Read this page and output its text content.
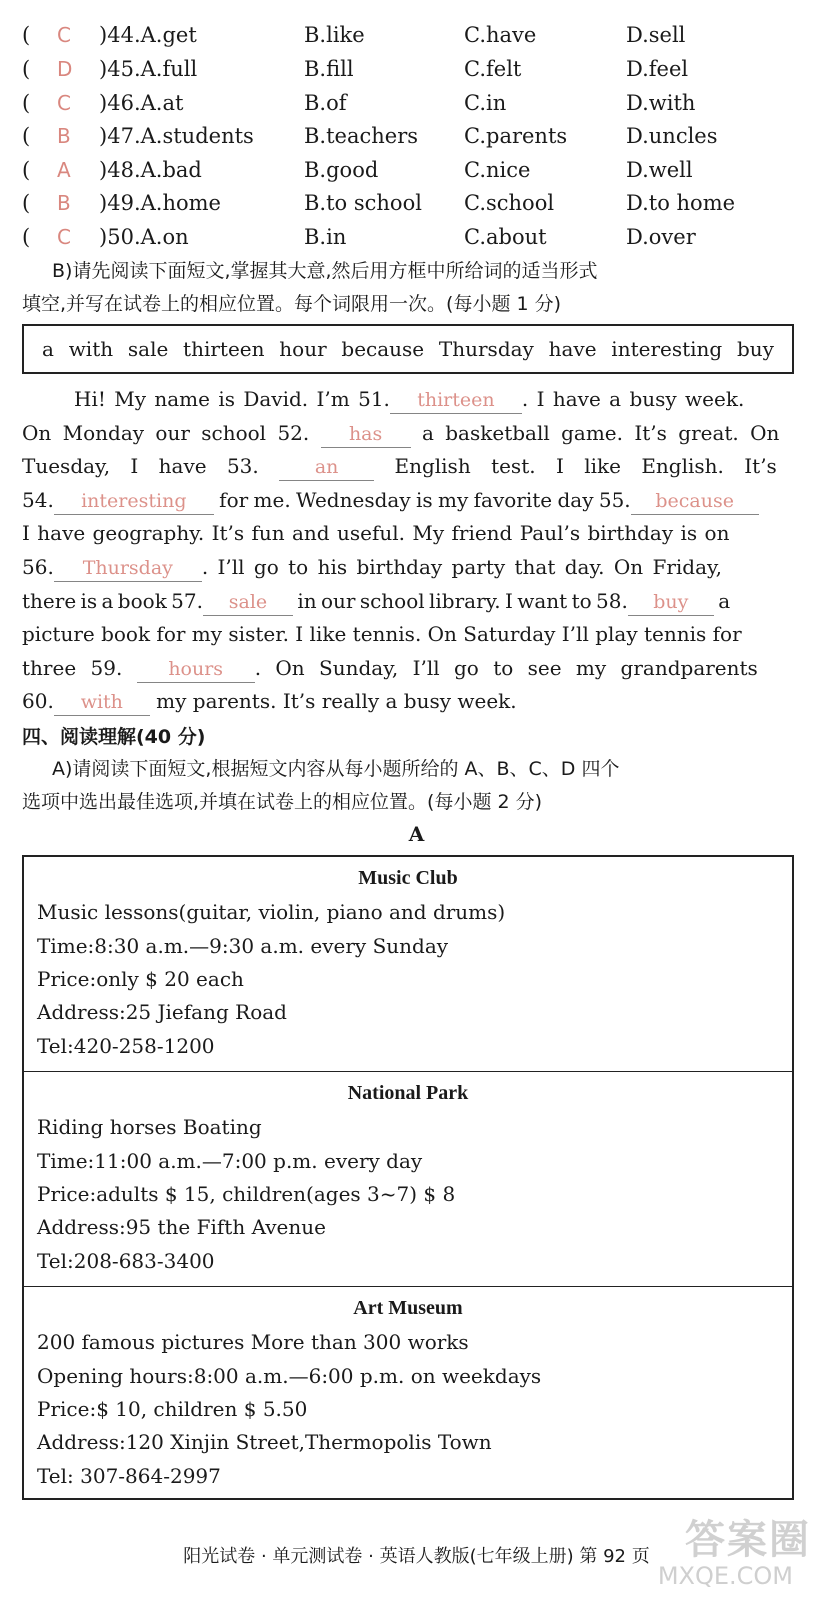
( C )44.A.get	B.like	C.have	D.sell
( D )45.A.full	B.fill	C.felt	D.feel
( C )46.A.at	B.of	C.in	D.with
( B )47.A.students B.teachers C.parents	D.uncles
( A )48.A.bad	B.good	C.nice	D.well
( B )49.A.home	B.to school C.school	D.to home
( C )50.A.on	B.in	C.about	D.over
B)请先阅读下面短文,掌握其大意,然后用方框中所给词的适当形式
填空,并写在试卷上的相应位置。每个词限用一次。(每小题 1 分)
a with sale thirteen hour because Thursday have interesting buy
Hi! My name is David. I’m 51. thirteen . I have a busy week.
On Monday our school 52. has a basketball game. It’s great. On
Tuesday, I have 53.	an	English test. I like English. It’s
54. interesting for me. Wednesday is my favorite day 55. because
I have geography. It’s fun and useful. My friend Paul’s birthday is on
56. Thursday . I’ll go to his birthday party that day. On Friday,
there is a book 57. sale in our school library. I want to 58. buy a
picture book for my sister. I like tennis. On Saturday I’ll play tennis for
three 59. hours . On Sunday, I’ll go to see my grandparents
60. with my parents. It’s really a busy week.
四、阅读理解(40 分)
A)请阅读下面短文,根据短文内容从每小题所给的 A、B、C、D 四个
选项中选出最佳选项,并填在试卷上的相应位置。(每小题 2 分)
A
Music Club
Music lessons(guitar, violin, piano and drums)
Time:8:30 a.m.—9:30 a.m. every Sunday
Price:only $ 20 each
Address:25 Jiefang Road
Tel:420-258-1200
National Park
Riding horses Boating
Time:11:00 a.m.—7:00 p.m. every day
Price:adults $ 15, children(ages 3~7) $ 8
Address:95 the Fifth Avenue
Tel:208-683-3400
Art Museum
200 famous pictures More than 300 works
Opening hours:8:00 a.m.—6:00 p.m. on weekdays
Price:$ 10, children $ 5.50
Address:120 Xinjin Street,Thermopolis Town
Tel: 307-864-2997
阳光试卷 · 单元测试卷 · 英语人教版(七年级上册) 第 92 页 答案圈
MXQE.COM
